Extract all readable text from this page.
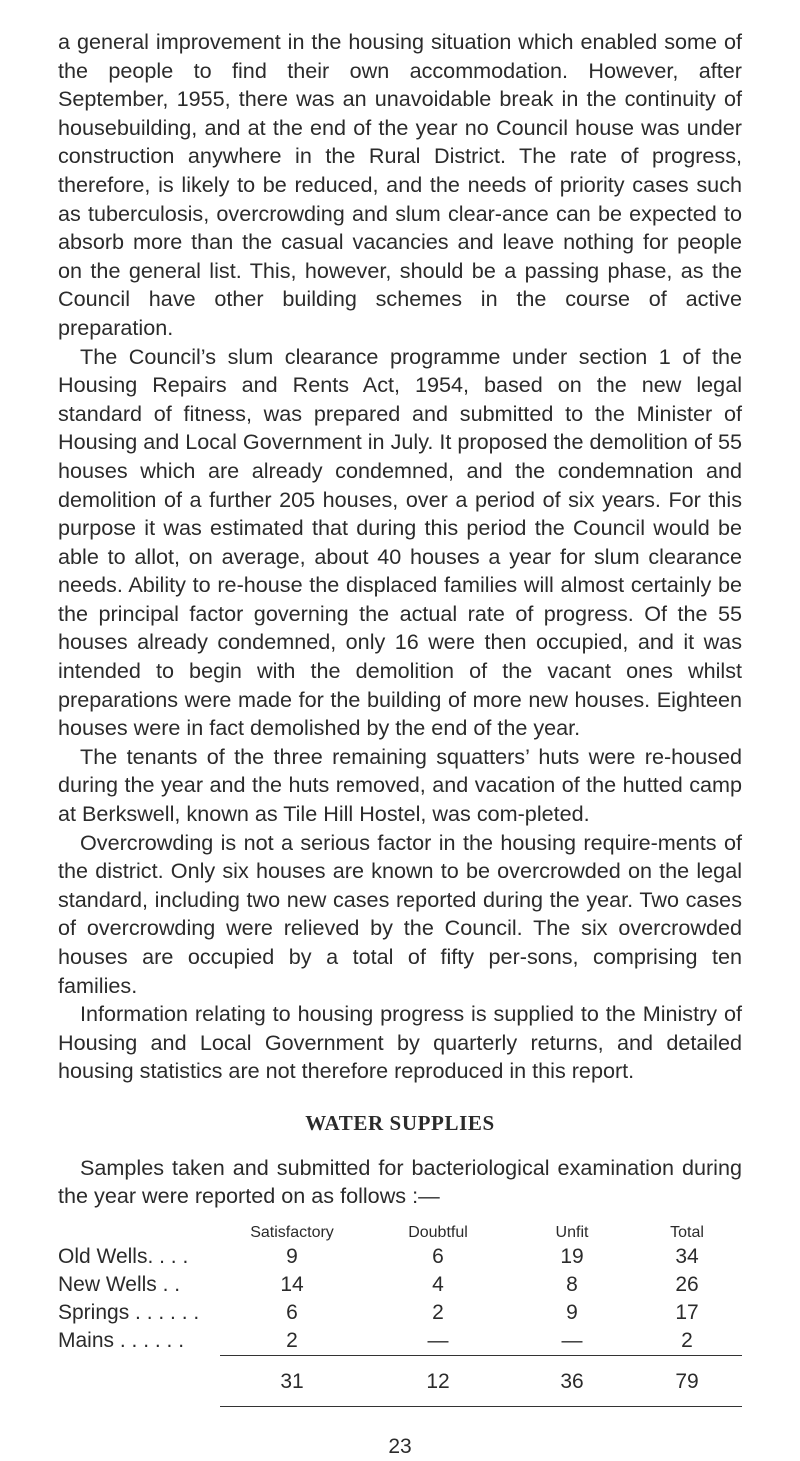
a general improvement in the housing situation which enabled some of the people to find their own accommodation. However, after September, 1955, there was an unavoidable break in the continuity of housebuilding, and at the end of the year no Council house was under construction anywhere in the Rural District. The rate of progress, therefore, is likely to be reduced, and the needs of priority cases such as tuberculosis, overcrowding and slum clear-ance can be expected to absorb more than the casual vacancies and leave nothing for people on the general list. This, however, should be a passing phase, as the Council have other building schemes in the course of active preparation.

The Council’s slum clearance programme under section 1 of the Housing Repairs and Rents Act, 1954, based on the new legal standard of fitness, was prepared and submitted to the Minister of Housing and Local Government in July. It proposed the demolition of 55 houses which are already condemned, and the condemnation and demolition of a further 205 houses, over a period of six years. For this purpose it was estimated that during this period the Council would be able to allot, on average, about 40 houses a year for slum clearance needs. Ability to re-house the displaced families will almost certainly be the principal factor governing the actual rate of progress. Of the 55 houses already condemned, only 16 were then occupied, and it was intended to begin with the demolition of the vacant ones whilst preparations were made for the building of more new houses. Eighteen houses were in fact demolished by the end of the year.

The tenants of the three remaining squatters’ huts were re-housed during the year and the huts removed, and vacation of the hutted camp at Berkswell, known as Tile Hill Hostel, was com-pleted.

Overcrowding is not a serious factor in the housing require-ments of the district. Only six houses are known to be overcrowded on the legal standard, including two new cases reported during the year. Two cases of overcrowding were relieved by the Council. The six overcrowded houses are occupied by a total of fifty per-sons, comprising ten families.

Information relating to housing progress is supplied to the Ministry of Housing and Local Government by quarterly returns, and detailed housing statistics are not therefore reproduced in this report.

WATER SUPPLIES

Samples taken and submitted for bacteriological examination during the year were reported on as follows :—

	Satisfactory	Doubtful	Unfit	Total
Old Wells. . . .	9	6	19	34
New Wells . .	14	4	8	26
Springs . . . . . .	6	2	9	17
Mains . . . . . .	2	—	—	2
	31	12	36	79
23
